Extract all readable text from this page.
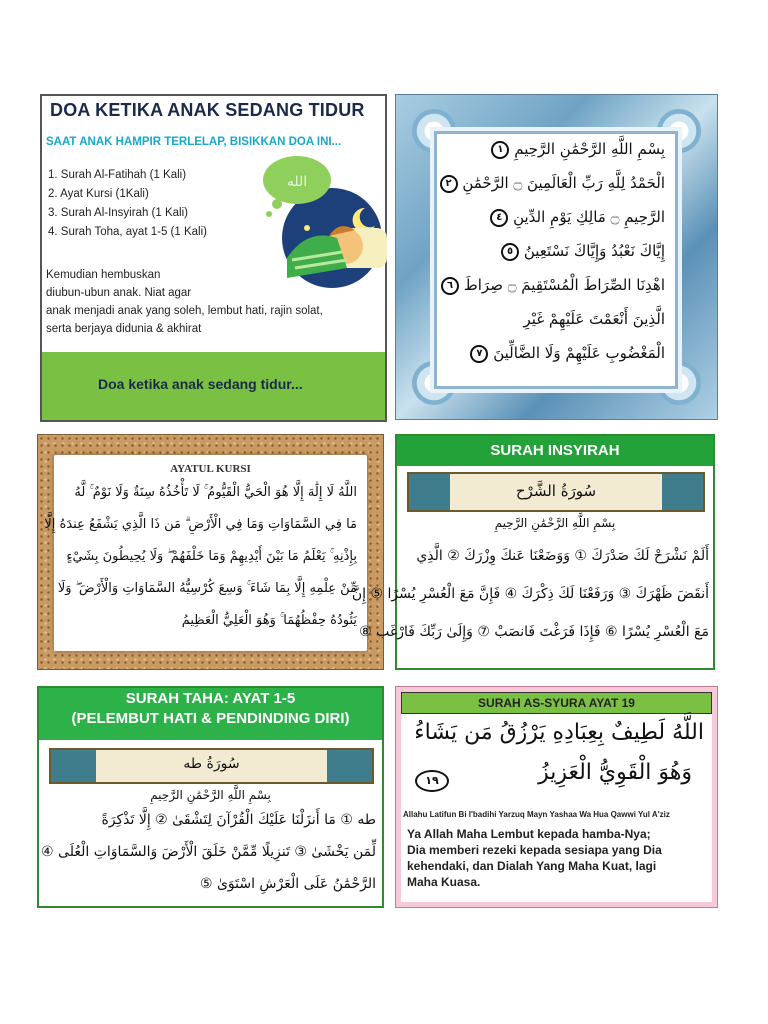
DOA KETIKA ANAK SEDANG TIDUR
SAAT ANAK HAMPIR TERLELAP, BISIKKAN DOA INI...
1. Surah Al-Fatihah (1 Kali)
2. Ayat Kursi (1Kali)
3. Surah Al-Insyirah (1 Kali)
4. Surah Toha, ayat 1-5 (1 Kali)
الله
Kemudian hembuskan
diubun-ubun anak. Niat agar
anak menjadi anak yang soleh, lembut hati, rajin solat,
serta berjaya didunia & akhirat
Doa ketika anak sedang tidur...
بِسْمِ اللَّهِ الرَّحْمَٰنِ الرَّحِيمِ ١
الْحَمْدُ لِلَّهِ رَبِّ الْعَالَمِينَ ۝ الرَّحْمَٰنِ ٢
الرَّحِيمِ ۝ مَالِكِ يَوْمِ الدِّينِ ٤
إِيَّاكَ نَعْبُدُ وَإِيَّاكَ نَسْتَعِينُ ٥
اهْدِنَا الصِّرَاطَ الْمُسْتَقِيمَ ۝ صِرَاطَ ٦
الَّذِينَ أَنْعَمْتَ عَلَيْهِمْ غَيْرِ
الْمَغْضُوبِ عَلَيْهِمْ وَلَا الضَّالِّينَ ٧
AYATUL KURSI
اللَّهُ لَا إِلَٰهَ إِلَّا هُوَ الْحَيُّ الْقَيُّومُ ۚ لَا تَأْخُذُهُ سِنَةٌ وَلَا نَوْمٌ ۚ لَّهُ
مَا فِي السَّمَاوَاتِ وَمَا فِي الْأَرْضِ ۗ مَن ذَا الَّذِي يَشْفَعُ عِندَهُ إِلَّا
بِإِذْنِهِ ۚ يَعْلَمُ مَا بَيْنَ أَيْدِيهِمْ وَمَا خَلْفَهُمْ ۖ وَلَا يُحِيطُونَ بِشَيْءٍ
مِّنْ عِلْمِهِ إِلَّا بِمَا شَاءَ ۚ وَسِعَ كُرْسِيُّهُ السَّمَاوَاتِ وَالْأَرْضَ ۖ وَلَا
يَئُودُهُ حِفْظُهُمَا ۚ وَهُوَ الْعَلِيُّ الْعَظِيمُ
SURAH INSYIRAH
سُورَةُ الشَّرْح
بِسْمِ اللَّهِ الرَّحْمَٰنِ الرَّحِيمِ
أَلَمْ نَشْرَحْ لَكَ صَدْرَكَ ① وَوَضَعْنَا عَنكَ وِزْرَكَ ② الَّذِي
أَنقَضَ ظَهْرَكَ ③ وَرَفَعْنَا لَكَ ذِكْرَكَ ④ فَإِنَّ مَعَ الْعُسْرِ يُسْرًا ⑤ إِنَّ
مَعَ الْعُسْرِ يُسْرًا ⑥ فَإِذَا فَرَغْتَ فَانصَبْ ⑦ وَإِلَىٰ رَبِّكَ فَارْغَب ⑧
SURAH TAHA: AYAT 1-5
(PELEMBUT HATI & PENDINDING DIRI)
سُورَةُ طه
بِسْمِ اللَّهِ الرَّحْمَٰنِ الرَّحِيمِ
طه ① مَا أَنزَلْنَا عَلَيْكَ الْقُرْآنَ لِتَشْقَىٰ ② إِلَّا تَذْكِرَةً
لِّمَن يَخْشَىٰ ③ تَنزِيلًا مِّمَّنْ خَلَقَ الْأَرْضَ وَالسَّمَاوَاتِ الْعُلَى ④
الرَّحْمَٰنُ عَلَى الْعَرْشِ اسْتَوَىٰ ⑤
SURAH AS-SYURA AYAT 19
اللَّهُ لَطِيفٌ بِعِبَادِهِ يَرْزُقُ مَن يَشَاءُ
وَهُوَ الْقَوِيُّ الْعَزِيزُ
١٩
Allahu Latifun Bi I'badihi Yarzuq Mayn Yashaa Wa Hua Qawwi Yul A'ziz
Ya Allah Maha Lembut kepada hamba-Nya;
Dia memberi rezeki kepada sesiapa yang Dia
kehendaki, dan Dialah Yang Maha Kuat, lagi
Maha Kuasa.
